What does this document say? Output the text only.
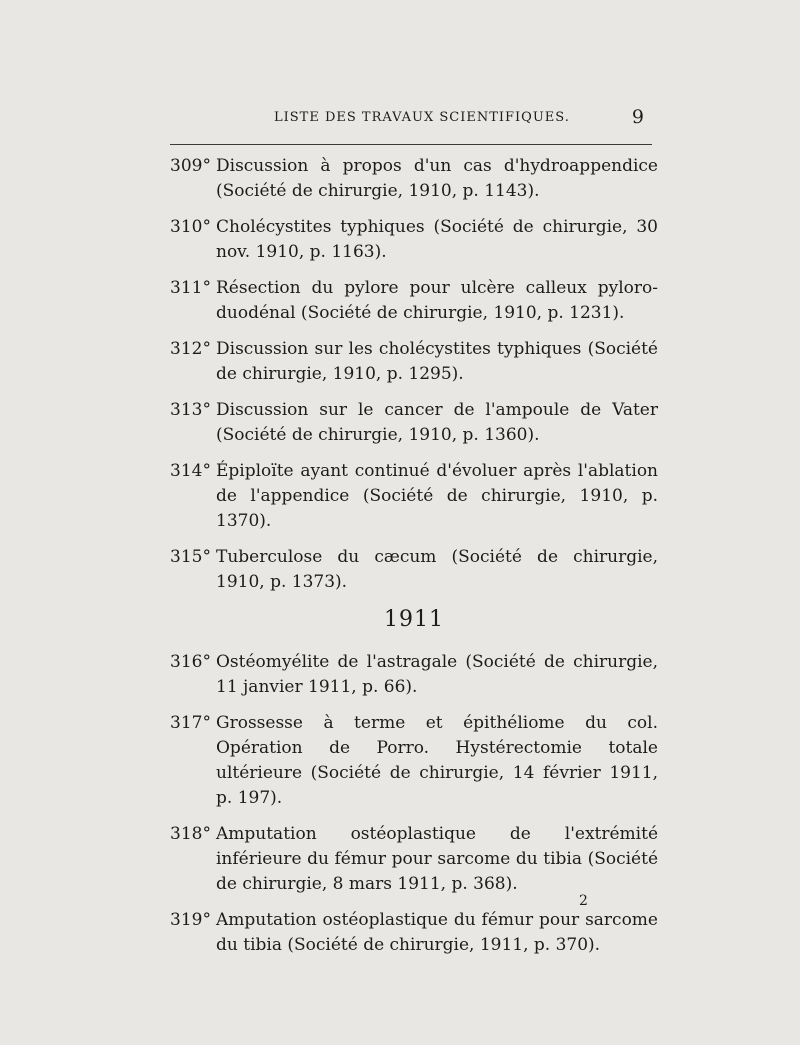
LISTE DES TRAVAUX SCIENTIFIQUES.	9
309° Discussion à propos d'un cas d'hydroappendice (Société de chirurgie, 1910, p. 1143).
310° Cholécystites typhiques (Société de chirurgie, 30 nov. 1910, p. 1163).
311° Résection du pylore pour ulcère calleux pyloro-duodénal (Société de chirurgie, 1910, p. 1231).
312° Discussion sur les cholécystites typhiques (Société de chirurgie, 1910, p. 1295).
313° Discussion sur le cancer de l'ampoule de Vater (Société de chirurgie, 1910, p. 1360).
314° Épiploïte ayant continué d'évoluer après l'ablation de l'appendice (Société de chirurgie, 1910, p. 1370).
315° Tuberculose du cæcum (Société de chirurgie, 1910, p. 1373).
1911
316° Ostéomyélite de l'astragale (Société de chirurgie, 11 janvier 1911, p. 66).
317° Grossesse à terme et épithéliome du col. Opération de Porro. Hystérectomie totale ultérieure (Société de chirurgie, 14 février 1911, p. 197).
318° Amputation ostéoplastique de l'extrémité inférieure du fémur pour sarcome du tibia (Société de chirurgie, 8 mars 1911, p. 368).
319° Amputation ostéoplastique du fémur pour sarcome du tibia (Société de chirurgie, 1911, p. 370).
2
